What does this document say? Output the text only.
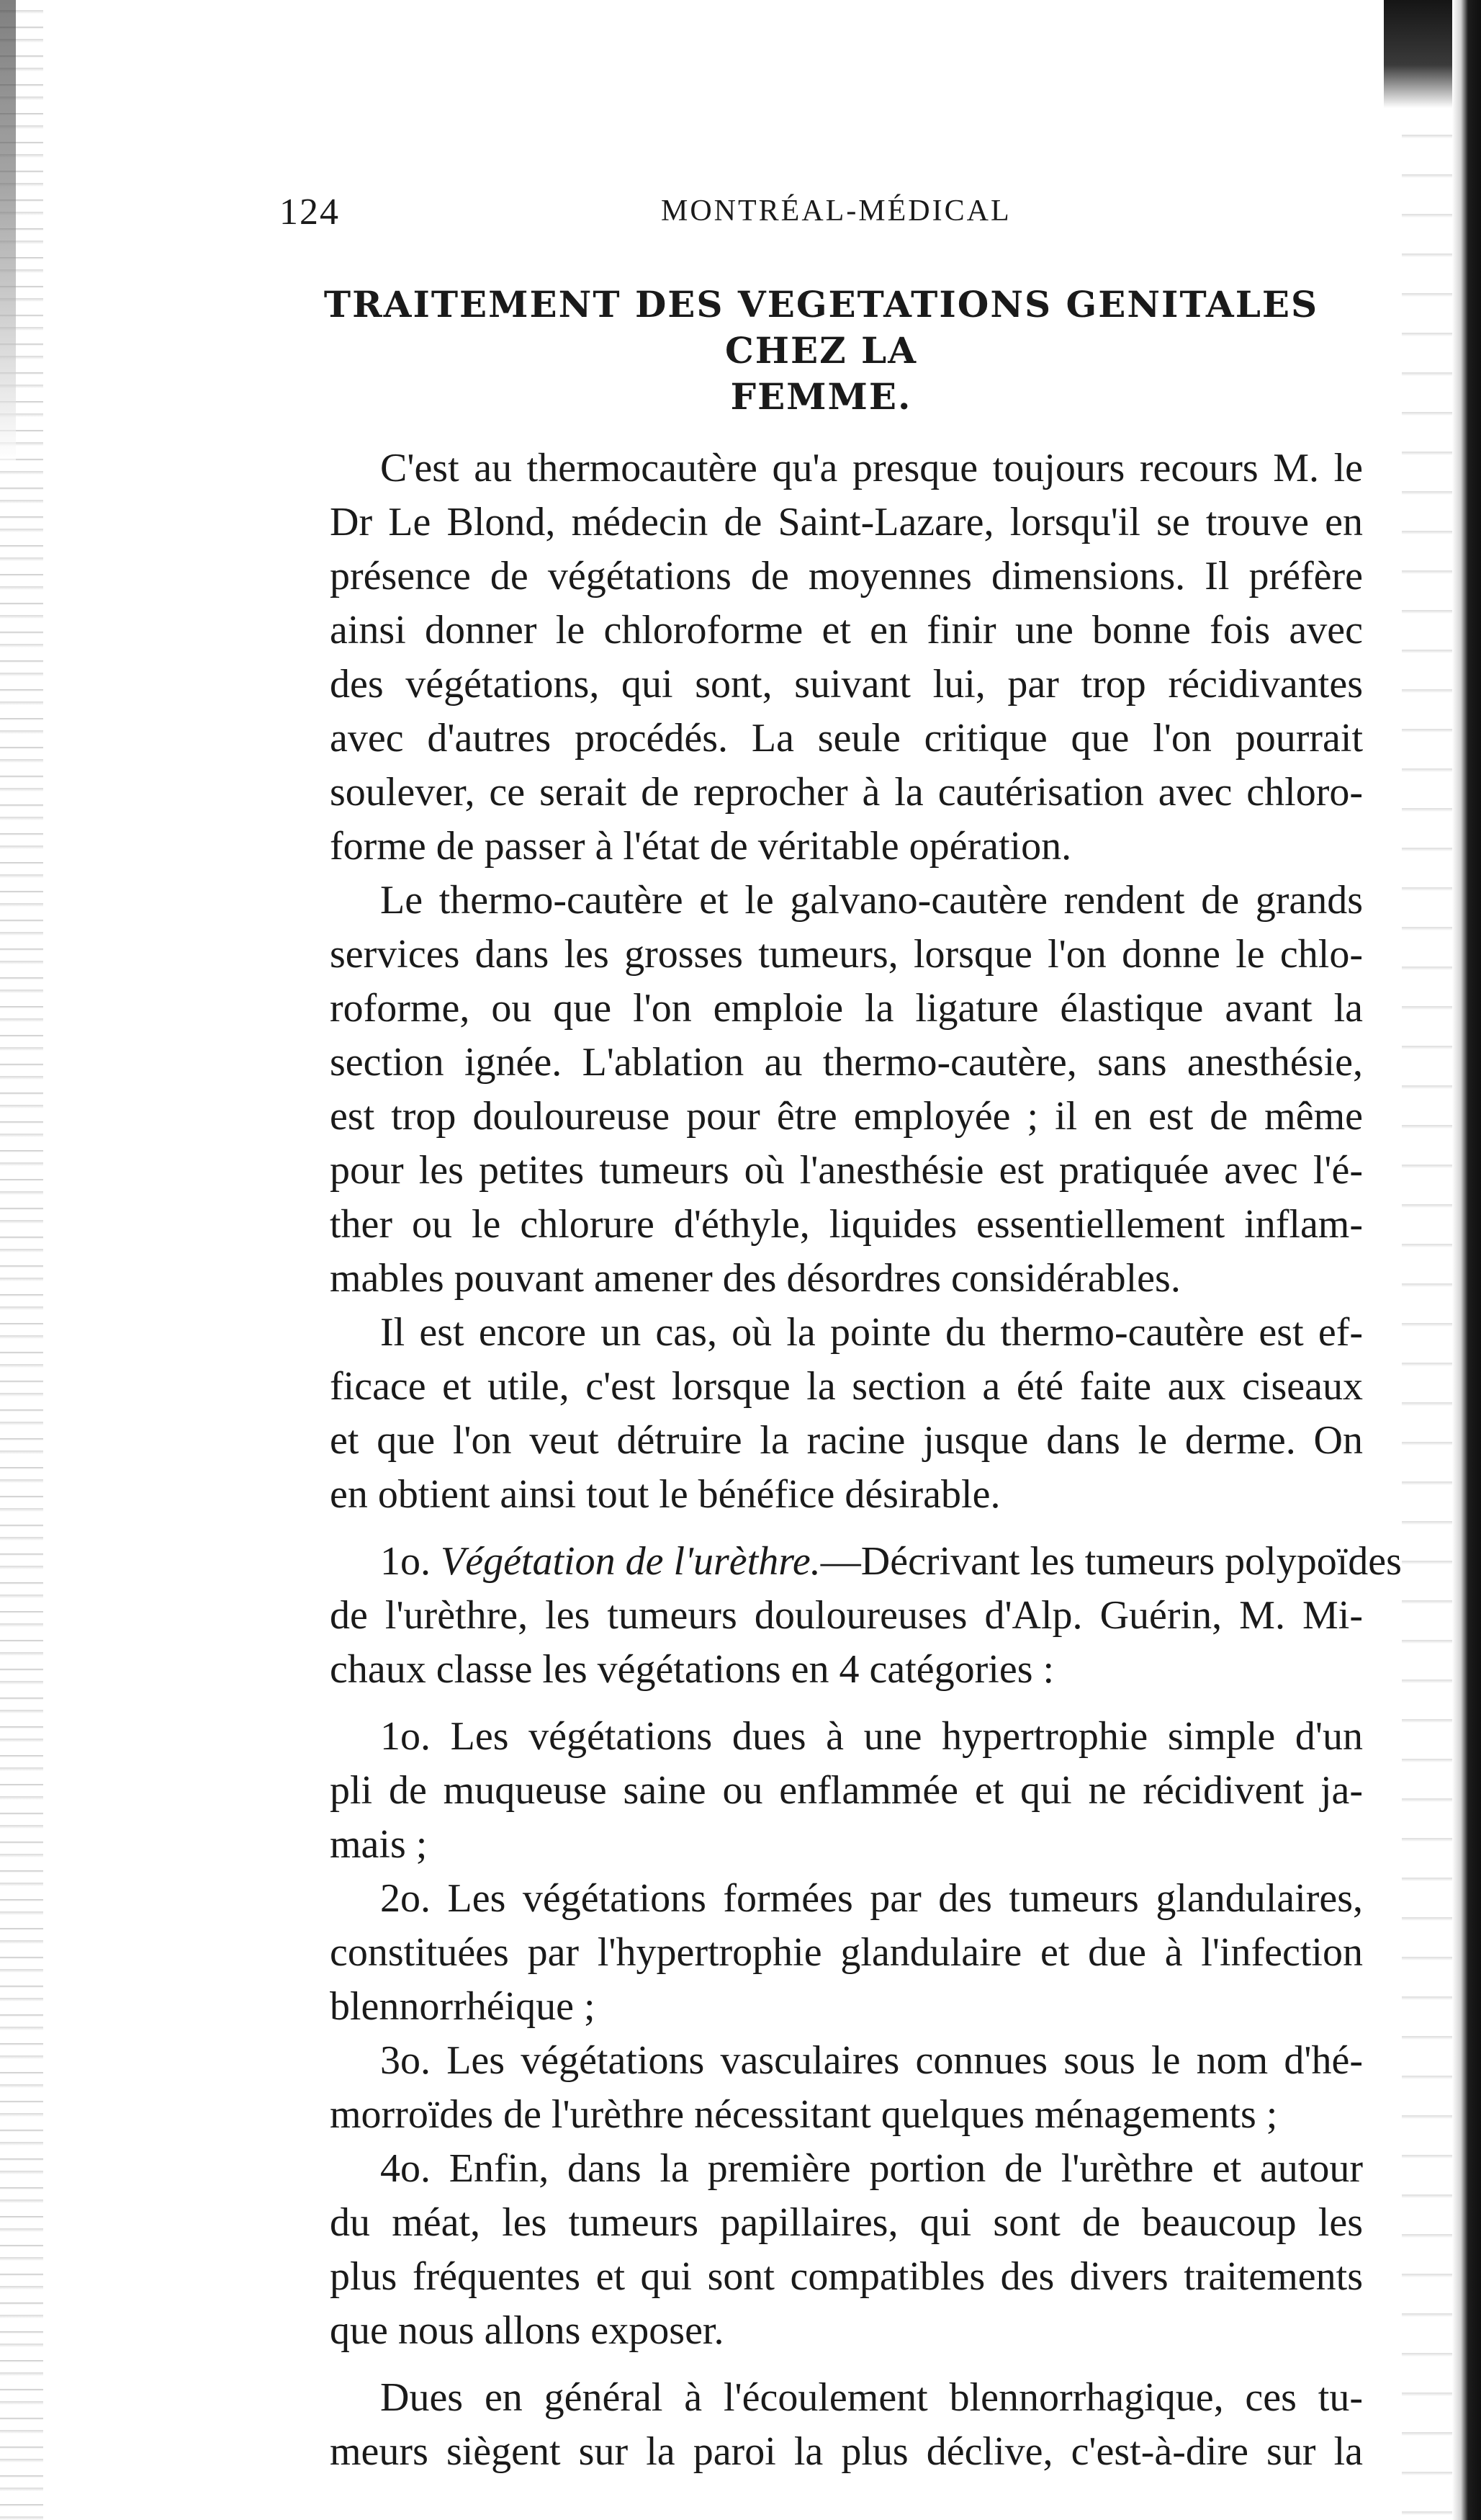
124	MONTRÉAL-MÉDICAL
TRAITEMENT DES VEGETATIONS GENITALES CHEZ LA
FEMME.

C'est au thermocautère qu'a presque toujours recours M. le
Dr Le Blond, médecin de Saint-Lazare, lorsqu'il se trouve en
présence de végétations de moyennes dimensions. Il préfère
ainsi donner le chloroforme et en finir une bonne fois avec
des végétations, qui sont, suivant lui, par trop récidivantes
avec d'autres procédés. La seule critique que l'on pourrait
soulever, ce serait de reprocher à la cautérisation avec chloro-
forme de passer à l'état de véritable opération.

Le thermo-cautère et le galvano-cautère rendent de grands
services dans les grosses tumeurs, lorsque l'on donne le chlo-
roforme, ou que l'on emploie la ligature élastique avant la
section ignée. L'ablation au thermo-cautère, sans anesthésie,
est trop douloureuse pour être employée ; il en est de même
pour les petites tumeurs où l'anesthésie est pratiquée avec l'é-
ther ou le chlorure d'éthyle, liquides essentiellement inflam-
mables pouvant amener des désordres considérables.

Il est encore un cas, où la pointe du thermo-cautère est ef-
ficace et utile, c'est lorsque la section a été faite aux ciseaux
et que l'on veut détruire la racine jusque dans le derme. On
en obtient ainsi tout le bénéfice désirable.

1o. Végétation de l'urèthre.—Décrivant les tumeurs polypoïdes
de l'urèthre, les tumeurs douloureuses d'Alp. Guérin, M. Mi-
chaux classe les végétations en 4 catégories :

1o. Les végétations dues à une hypertrophie simple d'un
pli de muqueuse saine ou enflammée et qui ne récidivent ja-
mais ;

2o. Les végétations formées par des tumeurs glandulaires,
constituées par l'hypertrophie glandulaire et due à l'infection
blennorrhéique ;

3o. Les végétations vasculaires connues sous le nom d'hé-
morroïdes de l'urèthre nécessitant quelques ménagements ;

4o. Enfin, dans la première portion de l'urèthre et autour
du méat, les tumeurs papillaires, qui sont de beaucoup les
plus fréquentes et qui sont compatibles des divers traitements
que nous allons exposer.

Dues en général à l'écoulement blennorrhagique, ces tu-
meurs siègent sur la paroi la plus déclive, c'est-à-dire sur la
